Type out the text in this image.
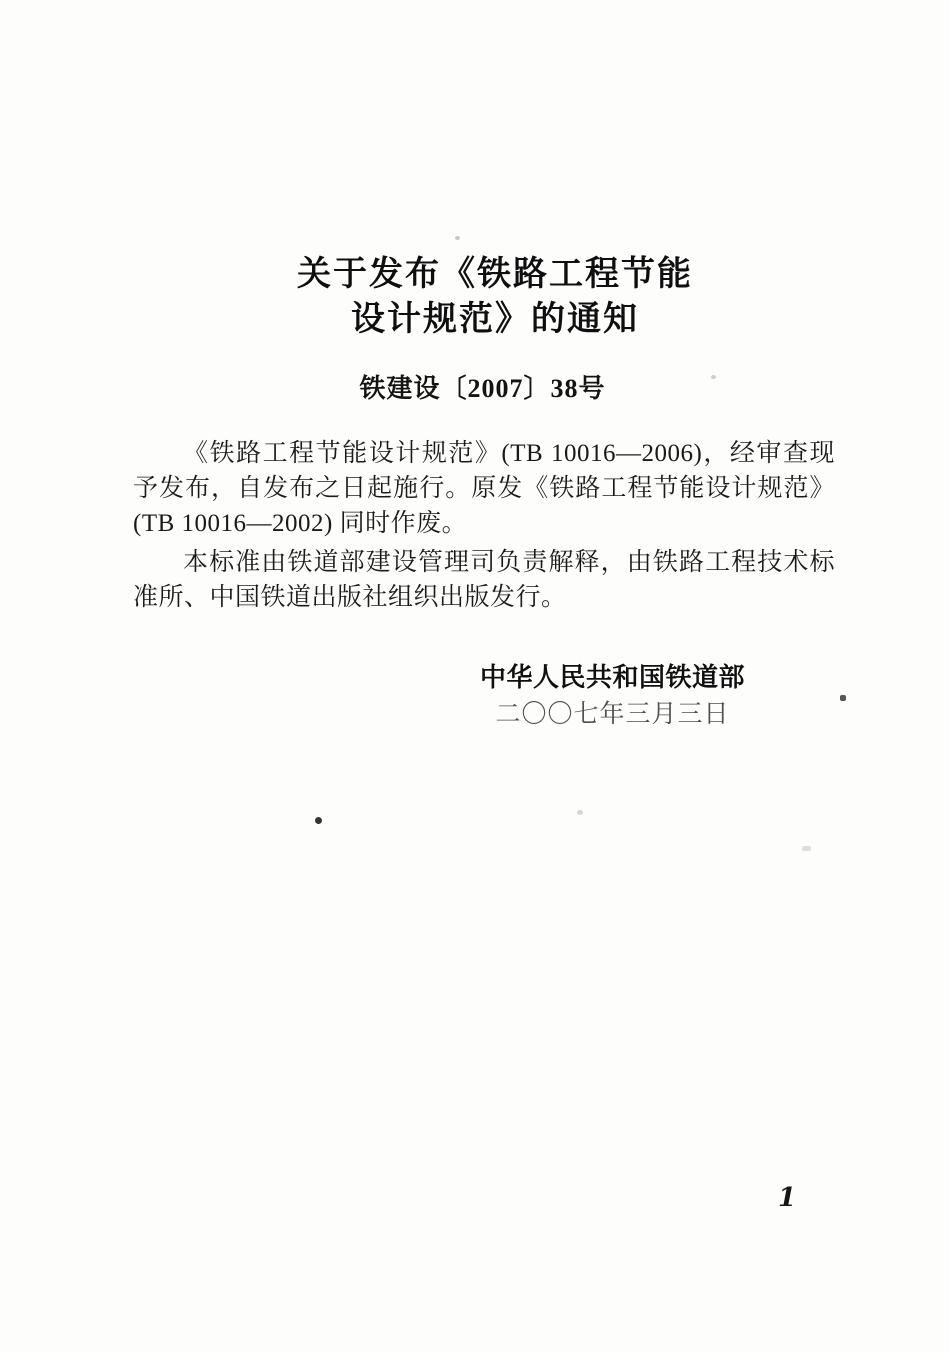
关于发布《铁路工程节能
设计规范》的通知
铁建设〔2007〕38号

《铁路工程节能设计规范》(TB 10016—2006)，经审查现予发布，自发布之日起施行。原发《铁路工程节能设计规范》(TB 10016—2002) 同时作废。

本标准由铁道部建设管理司负责解释，由铁路工程技术标准所、中国铁道出版社组织出版发行。

中华人民共和国铁道部
二〇〇七年三月三日
1
